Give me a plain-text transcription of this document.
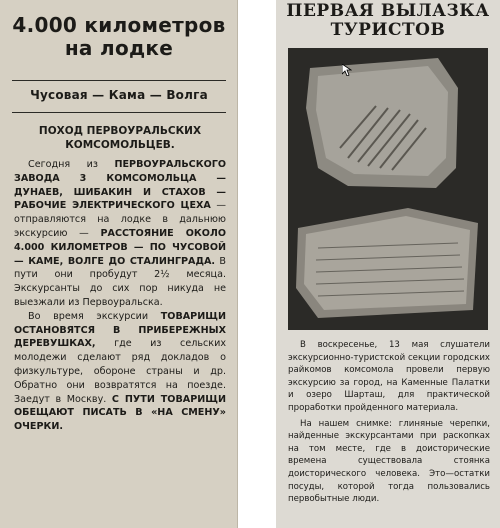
4.000 километров на лодке
Чусовая — Кама — Волга
ПОХОД ПЕРВОУРАЛЬСКИХ КОМСОМОЛЬЦЕВ.

Сегодня из ПЕРВОУРАЛЬСКОГО ЗАВОДА 3 КОМСОМОЛЬЦА — ДУНАЕВ, ШИБАКИН И СТАХОВ — РАБОЧИЕ ЭЛЕКТРИЧЕСКОГО ЦЕХА — отправляются на лодке в дальнюю экскурсию — РАССТОЯНИЕ ОКОЛО 4.000 КИЛОМЕТРОВ — ПО ЧУСОВОЙ — КАМЕ, ВОЛГЕ ДО СТАЛИНГРАДА. В пути они пробудут 2½ месяца. Экскурсанты до сих пор никуда не выезжали из Первоуральска.

Во время экскурсии ТОВАРИЩИ ОСТАНОВЯТСЯ В ПРИБЕРЕЖНЫХ ДЕРЕВУШКАХ, где из сельских молодежи сделают ряд докладов о физкультуре, обороне страны и др. Обратно они возвратятся на поезде. Заедут в Москву. С ПУТИ ТОВАРИЩИ ОБЕЩАЮТ ПИСАТЬ В «НА СМЕНУ» ОЧЕРКИ.

ПЕРВАЯ ВЫЛАЗКА
ТУРИСТОВ

В воскресенье, 13 мая слушатели экскурсионно-туристской секции городских райкомов комсомола провели первую экскурсию за город, на Каменные Палатки и озеро Шарташ, для практической проработки пройденного материала.

На нашем снимке: глиняные черепки, найденные экскурсантами при раскопках на том месте, где в доисторические времена существовала стоянка доисторического человека. Это—остатки посуды, которой тогда пользовались первобытные люди.
